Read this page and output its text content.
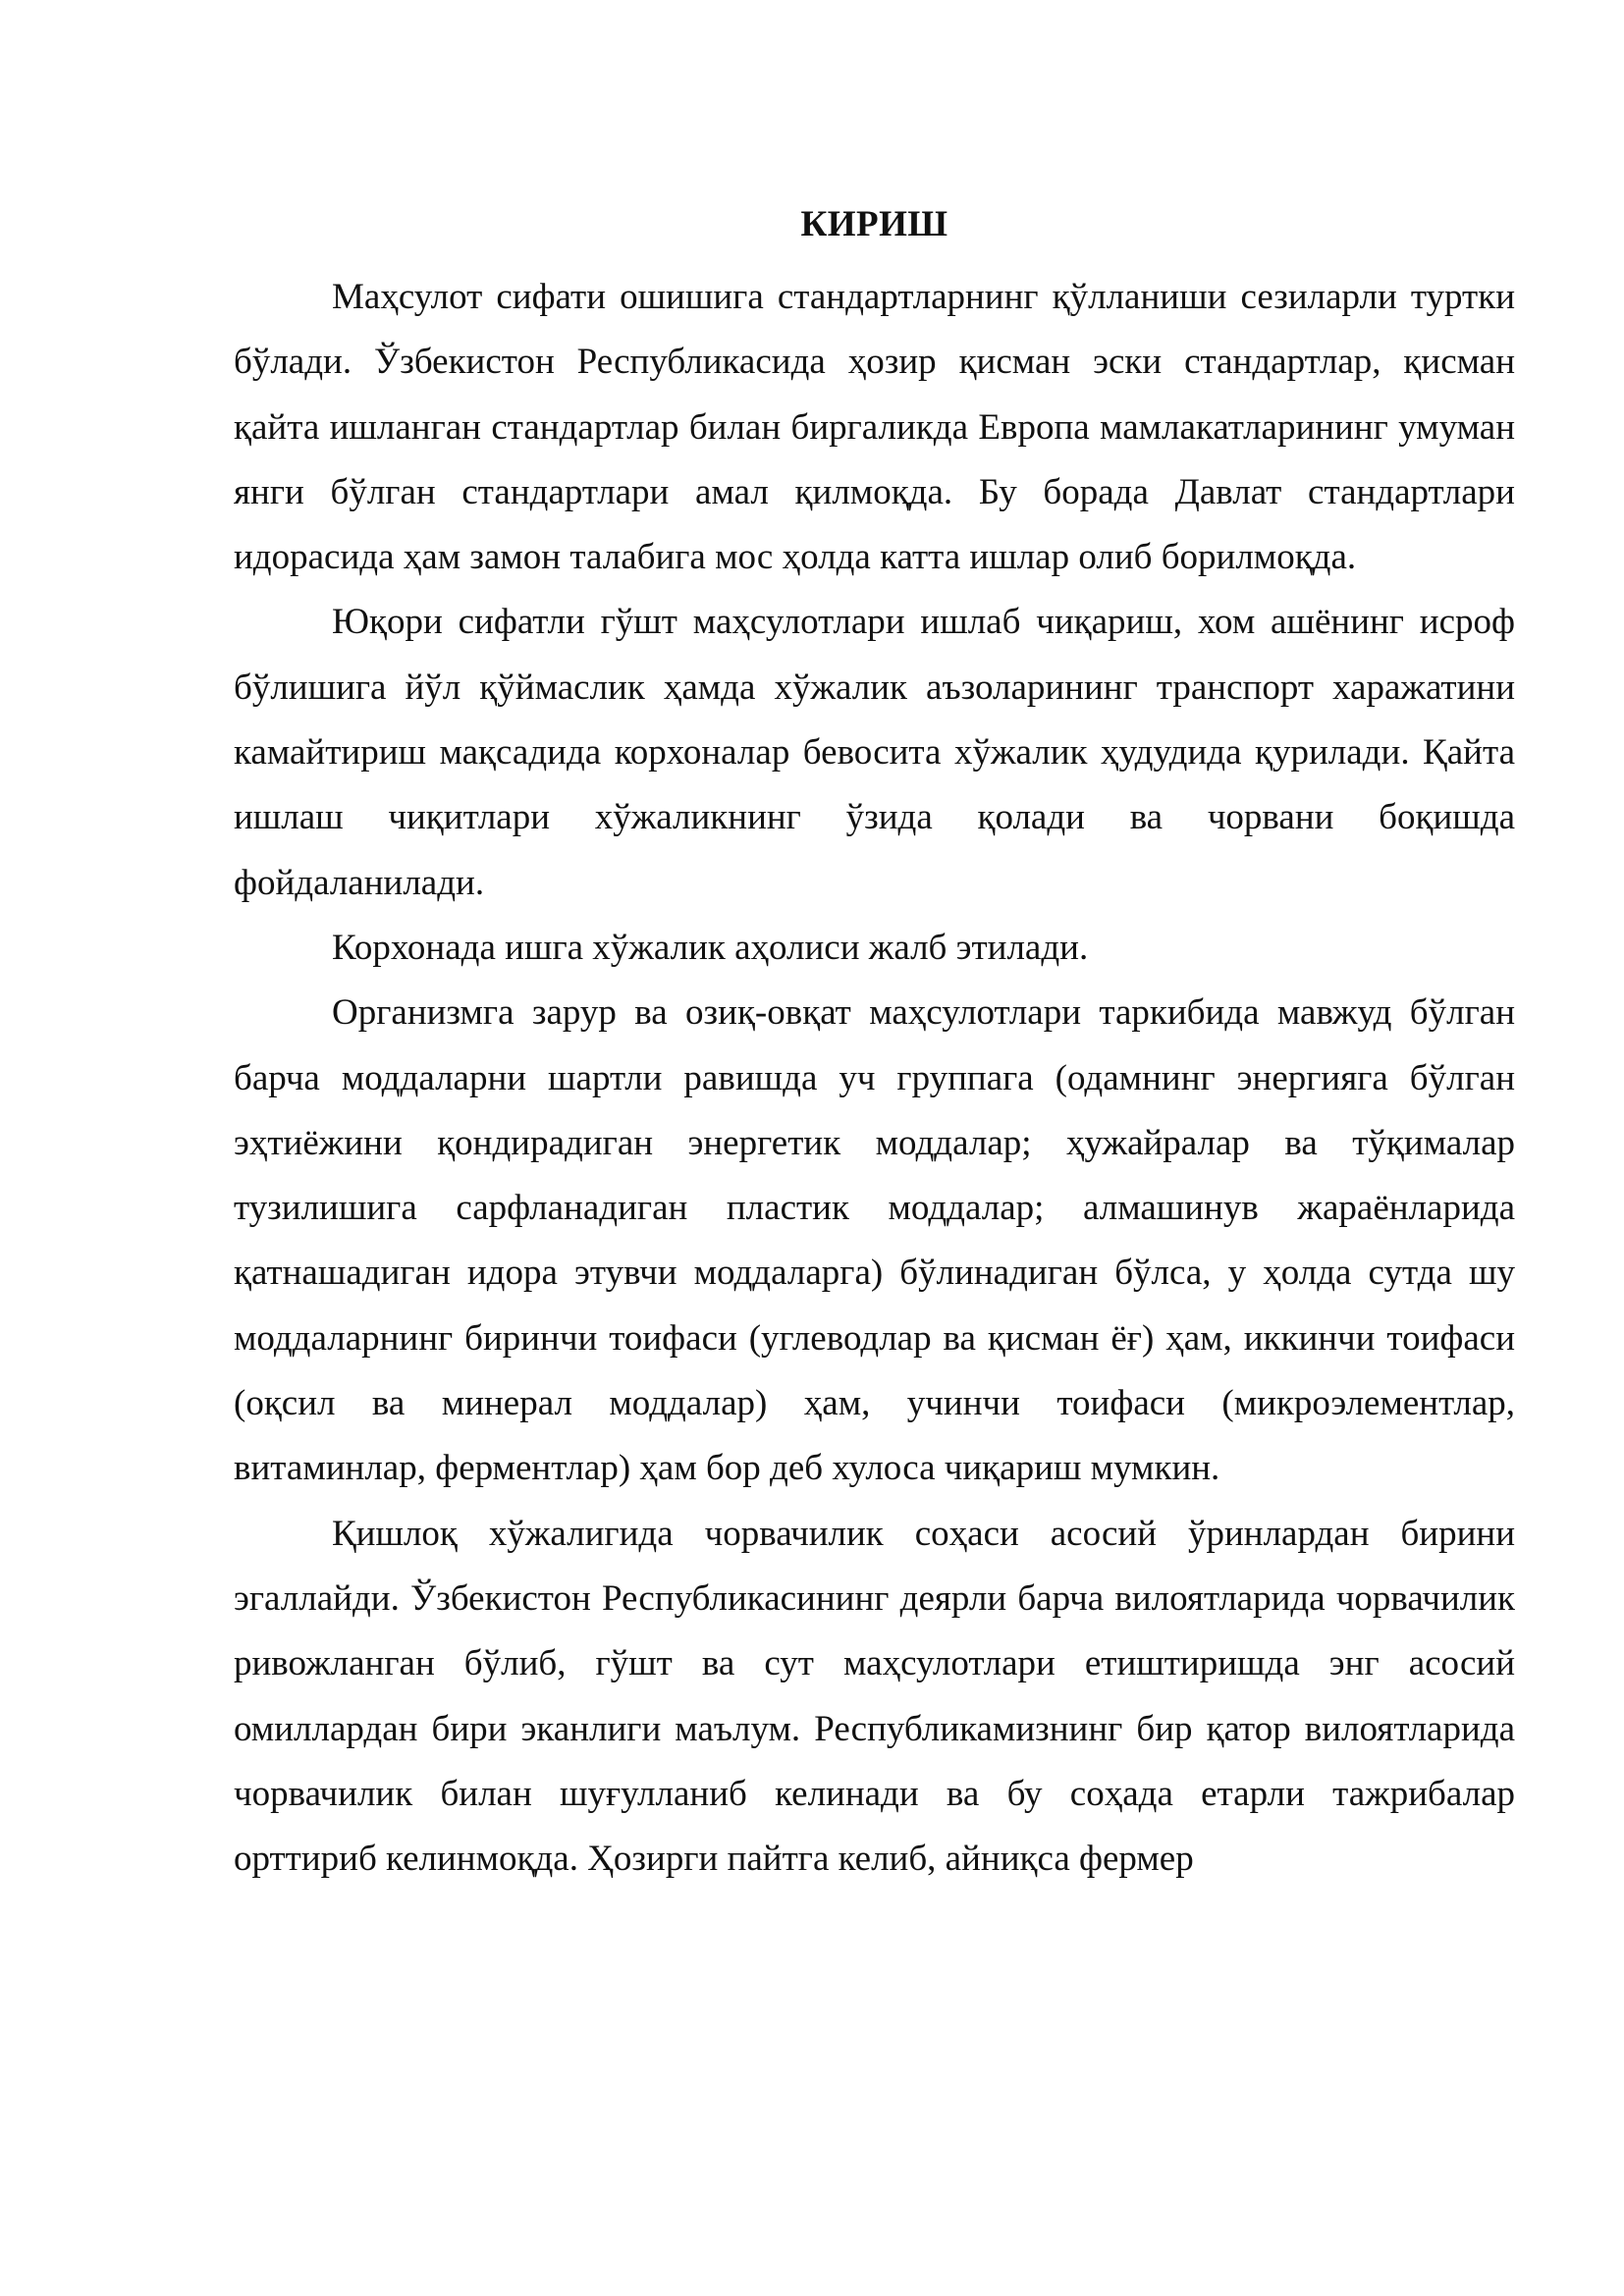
КИРИШ

Маҳсулот сифати ошишига стандартларнинг қўлланиши сезиларли туртки бўлади. Ўзбекистон Республикасида ҳозир қисман эски стандартлар, қисман қайта ишланган стандартлар билан биргаликда Европа мамлакатларининг умуман янги бўлган стандартлари амал қилмоқда. Бу борада Давлат стандартлари идорасида ҳам замон талабига мос ҳолда катта ишлар олиб борилмоқда.

Юқори сифатли гўшт маҳсулотлари ишлаб чиқариш, хом ашёнинг исроф бўлишига йўл қўймаслик ҳамда хўжалик аъзоларининг транспорт харажатини камайтириш мақсадида корхоналар бевосита хўжалик ҳудудида қурилади. Қайта ишлаш чиқитлари хўжаликнинг ўзида қолади ва чорвани боқишда фойдаланилади.

Корхонада ишга хўжалик аҳолиси жалб этилади.

Организмга зарур ва озиқ-овқат маҳсулотлари таркибида мавжуд бўлган барча моддаларни шартли равишда уч группага (одамнинг энергияга бўлган эҳтиёжини қондирадиган энергетик моддалар; ҳужайралар ва тўқималар тузилишига сарфланадиган пластик моддалар; алмашинув жараёнларида қатнашадиган идора этувчи моддаларга) бўлинадиган бўлса, у ҳолда сутда шу моддаларнинг биринчи тоифаси (углеводлар ва қисман ёғ) ҳам, иккинчи тоифаси (оқсил ва минерал моддалар) ҳам, учинчи тоифаси (микроэлементлар, витаминлар, ферментлар) ҳам бор деб хулоса чиқариш мумкин.

Қишлоқ хўжалигида чорвачилик соҳаси асосий ўринлардан бирини эгаллайди. Ўзбекистон Республикасининг деярли барча вилоятларида чорвачилик ривожланган бўлиб, гўшт ва сут маҳсулотлари етиштиришда энг асосий омиллардан бири эканлиги маълум. Республикамизнинг бир қатор вилоятларида чорвачилик билан шуғулланиб келинади ва бу соҳада етарли тажрибалар орттириб келинмоқда. Ҳозирги пайтга келиб, айниқса фермер
